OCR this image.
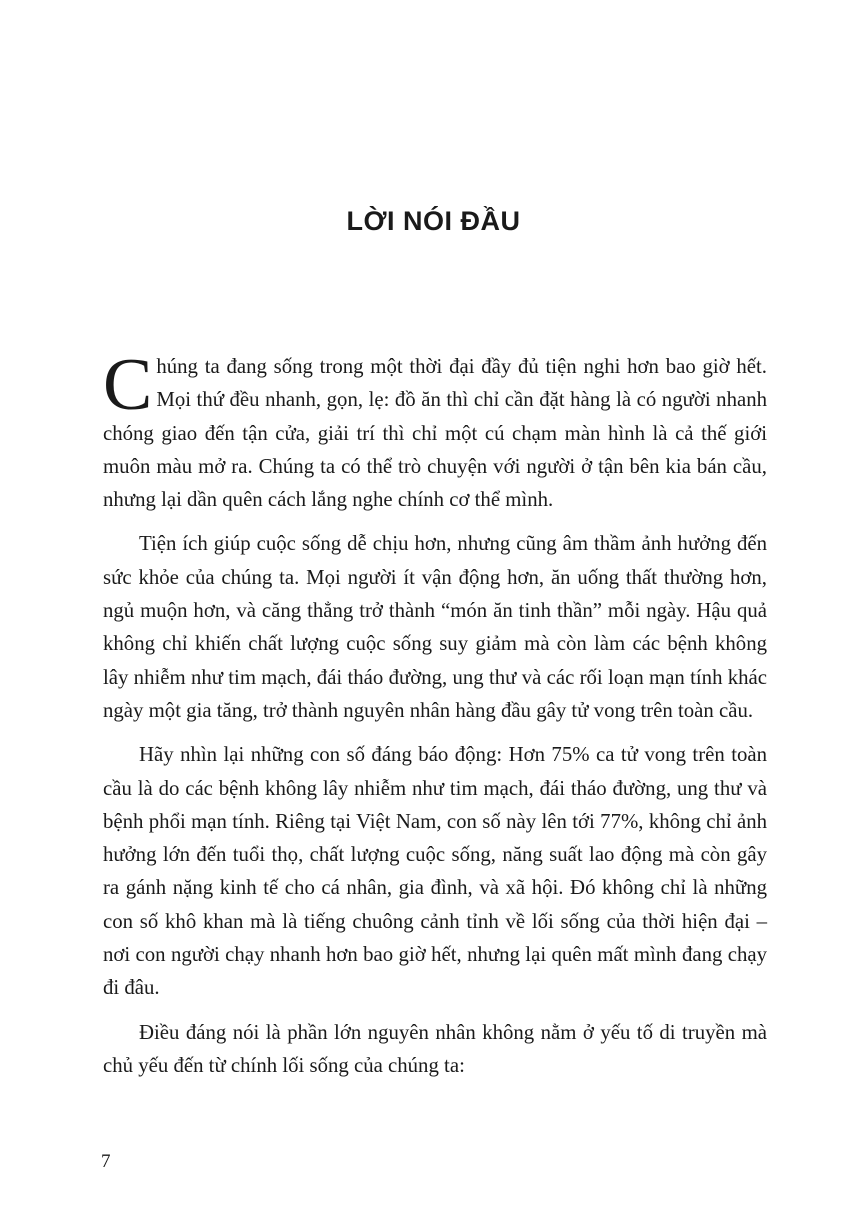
LỜI NÓI ĐẦU

Chúng ta đang sống trong một thời đại đầy đủ tiện nghi hơn bao giờ hết. Mọi thứ đều nhanh, gọn, lẹ: đồ ăn thì chỉ cần đặt hàng là có người nhanh chóng giao đến tận cửa, giải trí thì chỉ một cú chạm màn hình là cả thế giới muôn màu mở ra. Chúng ta có thể trò chuyện với người ở tận bên kia bán cầu, nhưng lại dần quên cách lắng nghe chính cơ thể mình.

Tiện ích giúp cuộc sống dễ chịu hơn, nhưng cũng âm thầm ảnh hưởng đến sức khỏe của chúng ta. Mọi người ít vận động hơn, ăn uống thất thường hơn, ngủ muộn hơn, và căng thẳng trở thành “món ăn tinh thần” mỗi ngày. Hậu quả không chỉ khiến chất lượng cuộc sống suy giảm mà còn làm các bệnh không lây nhiễm như tim mạch, đái tháo đường, ung thư và các rối loạn mạn tính khác ngày một gia tăng, trở thành nguyên nhân hàng đầu gây tử vong trên toàn cầu.

Hãy nhìn lại những con số đáng báo động: Hơn 75% ca tử vong trên toàn cầu là do các bệnh không lây nhiễm như tim mạch, đái tháo đường, ung thư và bệnh phổi mạn tính. Riêng tại Việt Nam, con số này lên tới 77%, không chỉ ảnh hưởng lớn đến tuổi thọ, chất lượng cuộc sống, năng suất lao động mà còn gây ra gánh nặng kinh tế cho cá nhân, gia đình, và xã hội. Đó không chỉ là những con số khô khan mà là tiếng chuông cảnh tỉnh về lối sống của thời hiện đại – nơi con người chạy nhanh hơn bao giờ hết, nhưng lại quên mất mình đang chạy đi đâu.

Điều đáng nói là phần lớn nguyên nhân không nằm ở yếu tố di truyền mà chủ yếu đến từ chính lối sống của chúng ta:

7
